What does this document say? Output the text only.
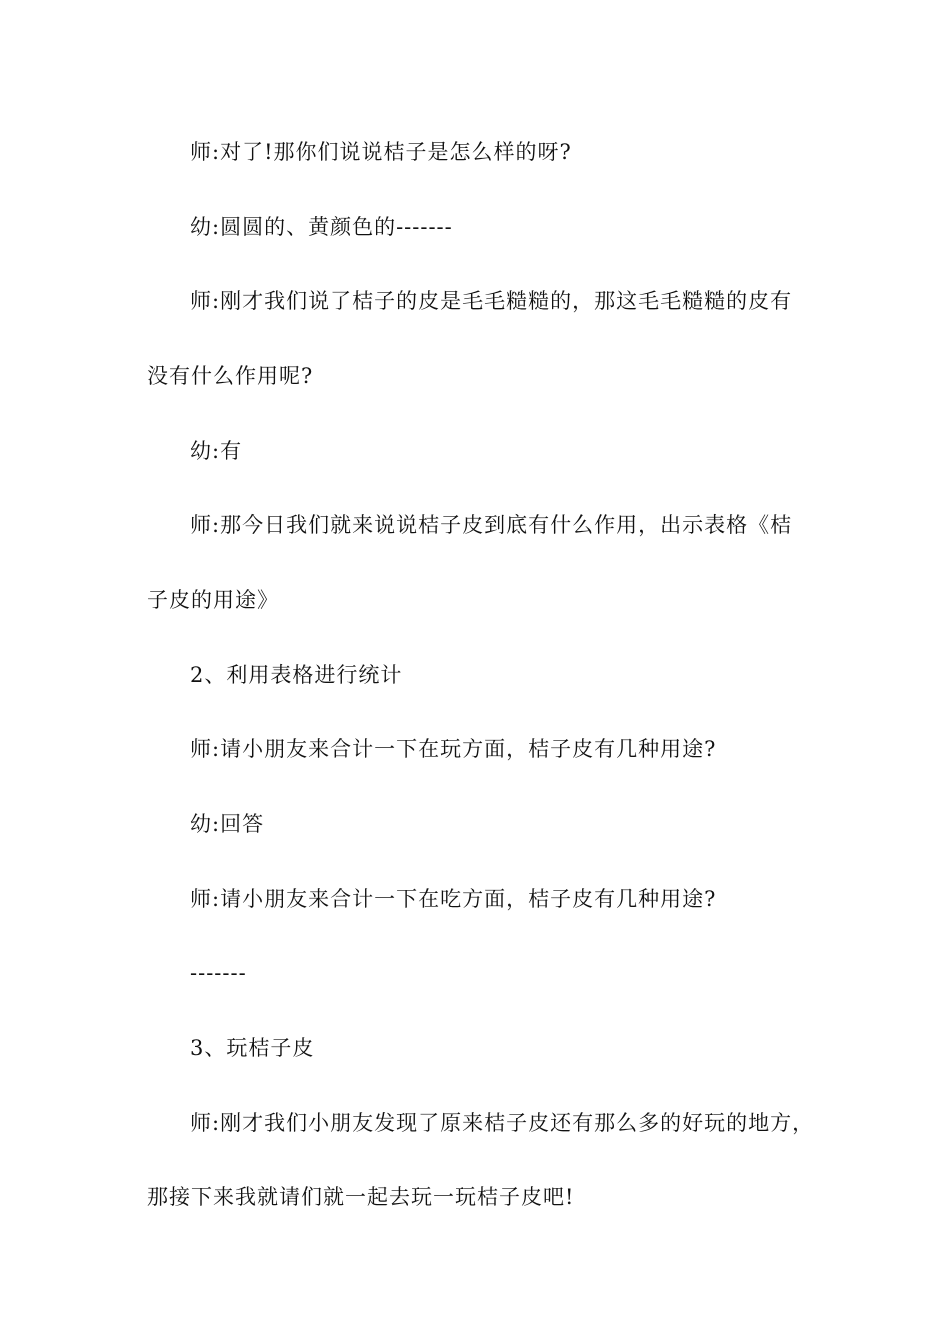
师:对了!那你们说说桔子是怎么样的呀?
幼:圆圆的、黄颜色的-------
师:刚才我们说了桔子的皮是毛毛糙糙的，那这毛毛糙糙的皮有
没有什么作用呢?
幼:有
师:那今日我们就来说说桔子皮到底有什么作用，出示表格《桔
子皮的用途》
2、利用表格进行统计
师:请小朋友来合计一下在玩方面，桔子皮有几种用途?
幼:回答
师:请小朋友来合计一下在吃方面，桔子皮有几种用途?
-------
3、玩桔子皮
师:刚才我们小朋友发现了原来桔子皮还有那么多的好玩的地方，
那接下来我就请们就一起去玩一玩桔子皮吧!
